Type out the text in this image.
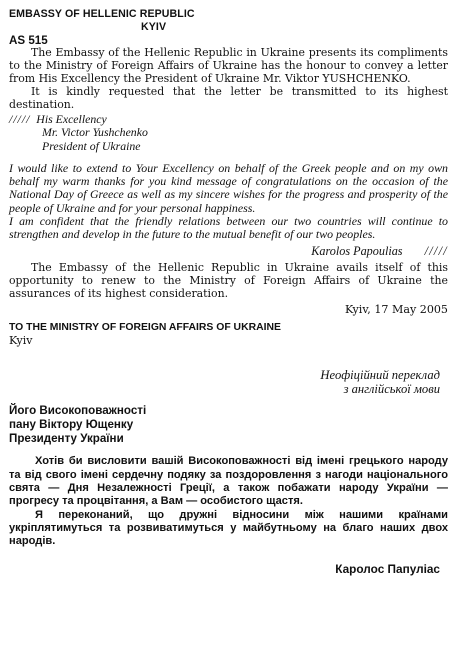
EMBASSY OF HELLENIC REPUBLIC
KYIV
AS 515

The Embassy of the Hellenic Republic in Ukraine presents its compliments to the Ministry of Foreign Affairs of Ukraine has the honour to convey a letter from His Excellency the President of Ukraine Mr. Viktor YUSHCHENKO.

It is kindly requested that the letter be transmitted to its highest destination.

///// His Excellency
Mr. Victor Yushchenko
President of Ukraine

I would like to extend to Your Excellency on behalf of the Greek people and on my own behalf my warm thanks for you kind message of congratulations on the occasion of the National Day of Greece as well as my sincere wishes for the progress and prosperity of the people of Ukraine and for your personal happiness.

I am confident that the friendly relations between our two countries will continue to strengthen and develop in the future to the mutual benefit of our two peoples.

Karolos Papoulias /////

The Embassy of the Hellenic Republic in Ukraine avails itself of this opportunity to renew to the Ministry of Foreign Affairs of Ukraine the assurances of its highest consideration.

Kyiv, 17 May 2005
TO THE MINISTRY OF FOREIGN AFFAIRS OF UKRAINE
Kyiv
Неофіційний переклад
з англійської мови
Його Високоповажності
пану Віктору Ющенку
Президенту України

Хотів би висловити вашій Високоповажності від імені грецького народу та від свого імені сердечну подяку за поздоровлення з нагоди національного свята — Дня Незалежності Греції, а також побажати народу України — прогресу та процвітання, а Вам — особистого щастя.

Я переконаний, що дружні відносини між нашими країнами укріплятимуться та розвиватимуться у майбутньому на благо наших двох народів.

Каролос Папуліас
